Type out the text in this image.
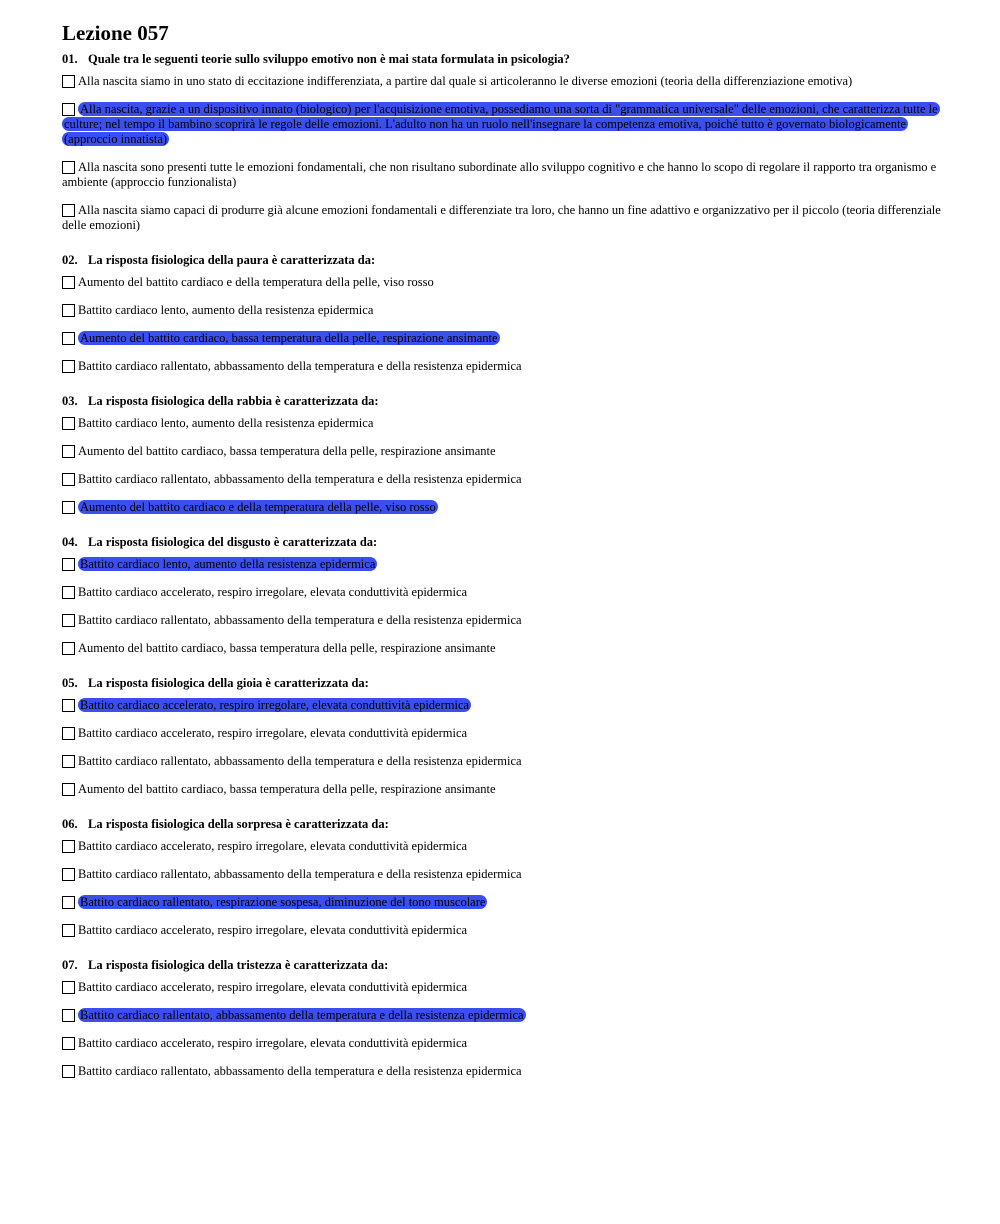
Lezione 057
01. Quale tra le seguenti teorie sullo sviluppo emotivo non è mai stata formulata in psicologia?
Alla nascita siamo in uno stato di eccitazione indifferenziata, a partire dal quale si articoleranno le diverse emozioni (teoria della differenziazione emotiva)
Alla nascita, grazie a un dispositivo innato (biologico) per l'acquisizione emotiva, possediamo una sorta di "grammatica universale" delle emozioni, che caratterizza tutte le culture; nel tempo il bambino scoprirà le regole delle emozioni. L'adulto non ha un ruolo nell'insegnare la competenza emotiva, poiché tutto è governato biologicamente (approccio innatista)
Alla nascita sono presenti tutte le emozioni fondamentali, che non risultano subordinate allo sviluppo cognitivo e che hanno lo scopo di regolare il rapporto tra organismo e ambiente (approccio funzionalista)
Alla nascita siamo capaci di produrre già alcune emozioni fondamentali e differenziate tra loro, che hanno un fine adattivo e organizzativo per il piccolo (teoria differenziale delle emozioni)
02. La risposta fisiologica della paura è caratterizzata da:
Aumento del battito cardiaco e della temperatura della pelle, viso rosso
Battito cardiaco lento, aumento della resistenza epidermica
Aumento del battito cardiaco, bassa temperatura della pelle, respirazione ansimante
Battito cardiaco rallentato, abbassamento della temperatura e della resistenza epidermica
03. La risposta fisiologica della rabbia è caratterizzata da:
Battito cardiaco lento, aumento della resistenza epidermica
Aumento del battito cardiaco, bassa temperatura della pelle, respirazione ansimante
Battito cardiaco rallentato, abbassamento della temperatura e della resistenza epidermica
Aumento del battito cardiaco e della temperatura della pelle, viso rosso
04. La risposta fisiologica del disgusto è caratterizzata da:
Battito cardiaco lento, aumento della resistenza epidermica
Battito cardiaco accelerato, respiro irregolare, elevata conduttività epidermica
Battito cardiaco rallentato, abbassamento della temperatura e della resistenza epidermica
Aumento del battito cardiaco, bassa temperatura della pelle, respirazione ansimante
05. La risposta fisiologica della gioia è caratterizzata da:
Battito cardiaco accelerato, respiro irregolare, elevata conduttività epidermica
Battito cardiaco accelerato, respiro irregolare, elevata conduttività epidermica
Battito cardiaco rallentato, abbassamento della temperatura e della resistenza epidermica
Aumento del battito cardiaco, bassa temperatura della pelle, respirazione ansimante
06. La risposta fisiologica della sorpresa è caratterizzata da:
Battito cardiaco accelerato, respiro irregolare, elevata conduttività epidermica
Battito cardiaco rallentato, abbassamento della temperatura e della resistenza epidermica
Battito cardiaco rallentato, respirazione sospesa, diminuzione del tono muscolare
Battito cardiaco accelerato, respiro irregolare, elevata conduttività epidermica
07. La risposta fisiologica della tristezza è caratterizzata da:
Battito cardiaco accelerato, respiro irregolare, elevata conduttività epidermica
Battito cardiaco rallentato, abbassamento della temperatura e della resistenza epidermica
Battito cardiaco accelerato, respiro irregolare, elevata conduttività epidermica
Battito cardiaco rallentato, abbassamento della temperatura e della resistenza epidermica
